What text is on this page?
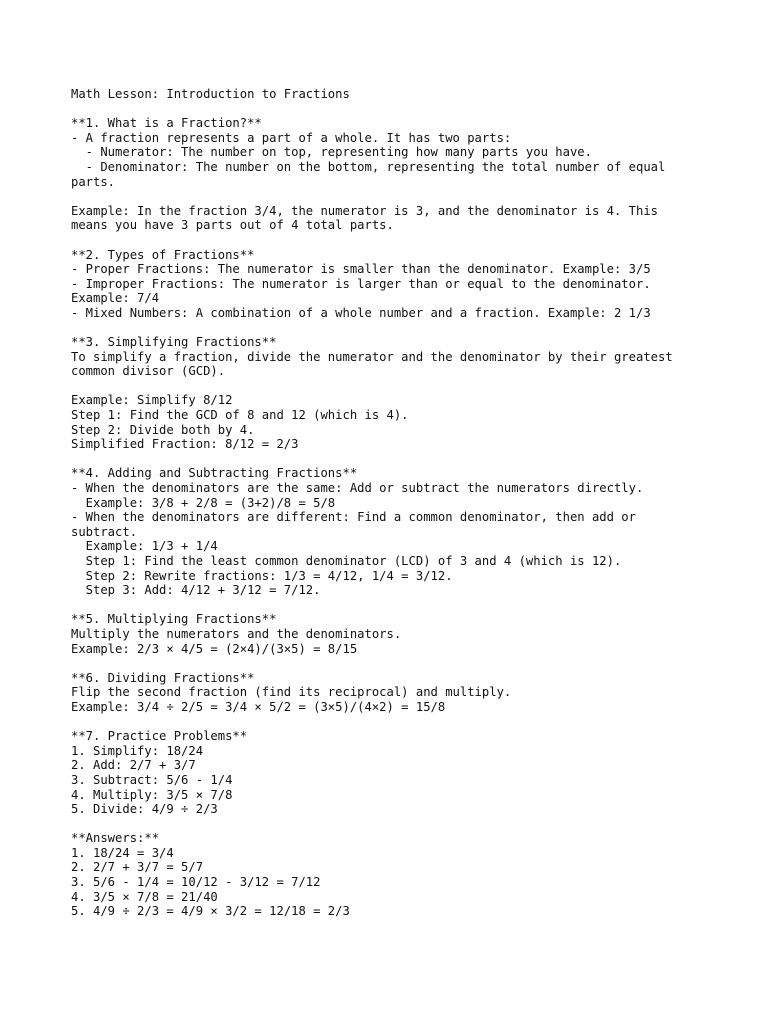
Math Lesson: Introduction to Fractions
**1. What is a Fraction?**
- A fraction represents a part of a whole. It has two parts:
- Numerator: The number on top, representing how many parts you have.
- Denominator: The number on the bottom, representing the total number of equal
parts.
Example: In the fraction 3/4, the numerator is 3, and the denominator is 4. This
means you have 3 parts out of 4 total parts.
**2. Types of Fractions**
- Proper Fractions: The numerator is smaller than the denominator. Example: 3/5
- Improper Fractions: The numerator is larger than or equal to the denominator.
Example: 7/4
- Mixed Numbers: A combination of a whole number and a fraction. Example: 2 1/3
**3. Simplifying Fractions**
To simplify a fraction, divide the numerator and the denominator by their greatest
common divisor (GCD).
Example: Simplify 8/12
Step 1: Find the GCD of 8 and 12 (which is 4).
Step 2: Divide both by 4.
Simplified Fraction: 8/12 = 2/3
**4. Adding and Subtracting Fractions**
- When the denominators are the same: Add or subtract the numerators directly.
Example: 3/8 + 2/8 = (3+2)/8 = 5/8
- When the denominators are different: Find a common denominator, then add or
subtract.
Example: 1/3 + 1/4
Step 1: Find the least common denominator (LCD) of 3 and 4 (which is 12).
Step 2: Rewrite fractions: 1/3 = 4/12, 1/4 = 3/12.
Step 3: Add: 4/12 + 3/12 = 7/12.
**5. Multiplying Fractions**
Multiply the numerators and the denominators.
Example: 2/3 × 4/5 = (2×4)/(3×5) = 8/15
**6. Dividing Fractions**
Flip the second fraction (find its reciprocal) and multiply.
Example: 3/4 ÷ 2/5 = 3/4 × 5/2 = (3×5)/(4×2) = 15/8
**7. Practice Problems**
1. Simplify: 18/24
2. Add: 2/7 + 3/7
3. Subtract: 5/6 - 1/4
4. Multiply: 3/5 × 7/8
5. Divide: 4/9 ÷ 2/3
**Answers:**
1. 18/24 = 3/4
2. 2/7 + 3/7 = 5/7
3. 5/6 - 1/4 = 10/12 - 3/12 = 7/12
4. 3/5 × 7/8 = 21/40
5. 4/9 ÷ 2/3 = 4/9 × 3/2 = 12/18 = 2/3
